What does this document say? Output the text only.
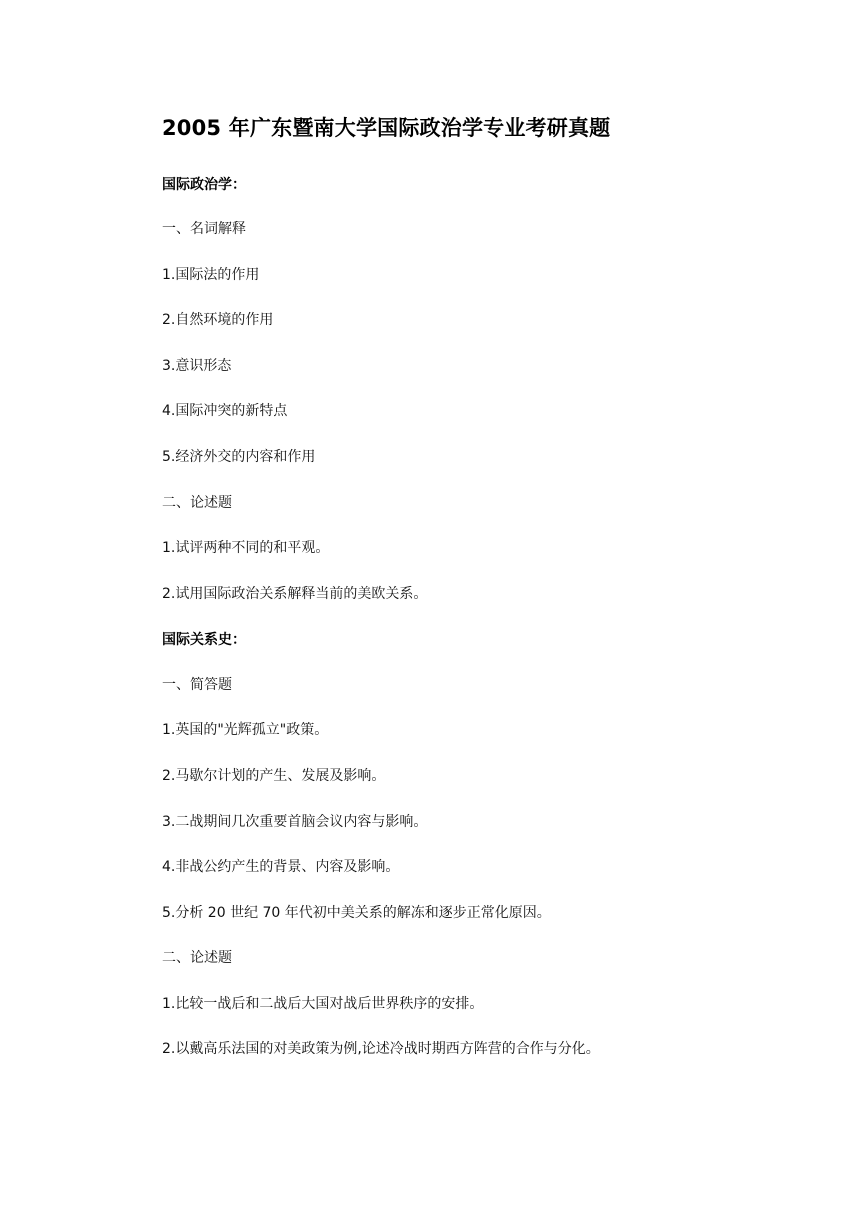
2005 年广东暨南大学国际政治学专业考研真题
国际政治学：
一、名词解释
1.国际法的作用
2.自然环境的作用
3.意识形态
4.国际冲突的新特点
5.经济外交的内容和作用
二、论述题
1.试评两种不同的和平观。
2.试用国际政治关系解释当前的美欧关系。
国际关系史：
一、简答题
1.英国的"光辉孤立"政策。
2.马歇尔计划的产生、发展及影响。
3.二战期间几次重要首脑会议内容与影响。
4.非战公约产生的背景、内容及影响。
5.分析 20 世纪 70 年代初中美关系的解冻和逐步正常化原因。
二、论述题
1.比较一战后和二战后大国对战后世界秩序的安排。
2.以戴高乐法国的对美政策为例,论述冷战时期西方阵营的合作与分化。
